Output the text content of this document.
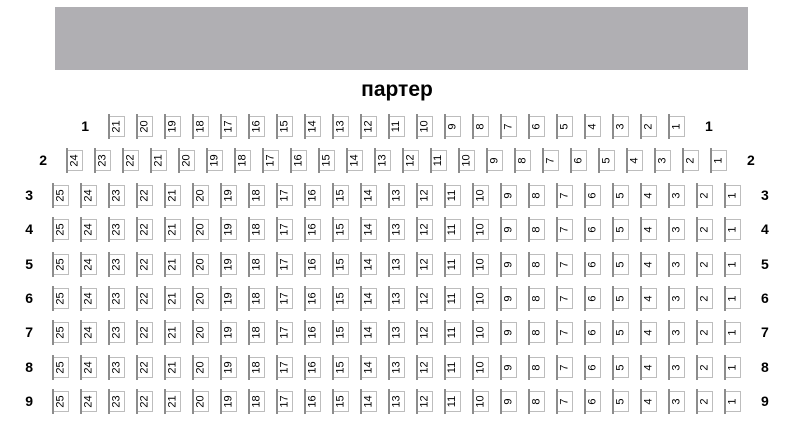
партер
1 21 20 19 18 17 16 15 14 13 12 11 10 9 8 7 6 5 4 3 2 1 1
2 24 23 22 21 20 19 18 17 16 15 14 13 12 11 10 9 8 7 6 5 4 3 2 1 2
3 25 24 23 22 21 20 19 18 17 16 15 14 13 12 11 10 9 8 7 6 5 4 3 2 1 3
4 25 24 23 22 21 20 19 18 17 16 15 14 13 12 11 10 9 8 7 6 5 4 3 2 1 4
5 25 24 23 22 21 20 19 18 17 16 15 14 13 12 11 10 9 8 7 6 5 4 3 2 1 5
6 25 24 23 22 21 20 19 18 17 16 15 14 13 12 11 10 9 8 7 6 5 4 3 2 1 6
7 25 24 23 22 21 20 19 18 17 16 15 14 13 12 11 10 9 8 7 6 5 4 3 2 1 7
8 25 24 23 22 21 20 19 18 17 16 15 14 13 12 11 10 9 8 7 6 5 4 3 2 1 8
9 25 24 23 22 21 20 19 18 17 16 15 14 13 12 11 10 9 8 7 6 5 4 3 2 1 9
